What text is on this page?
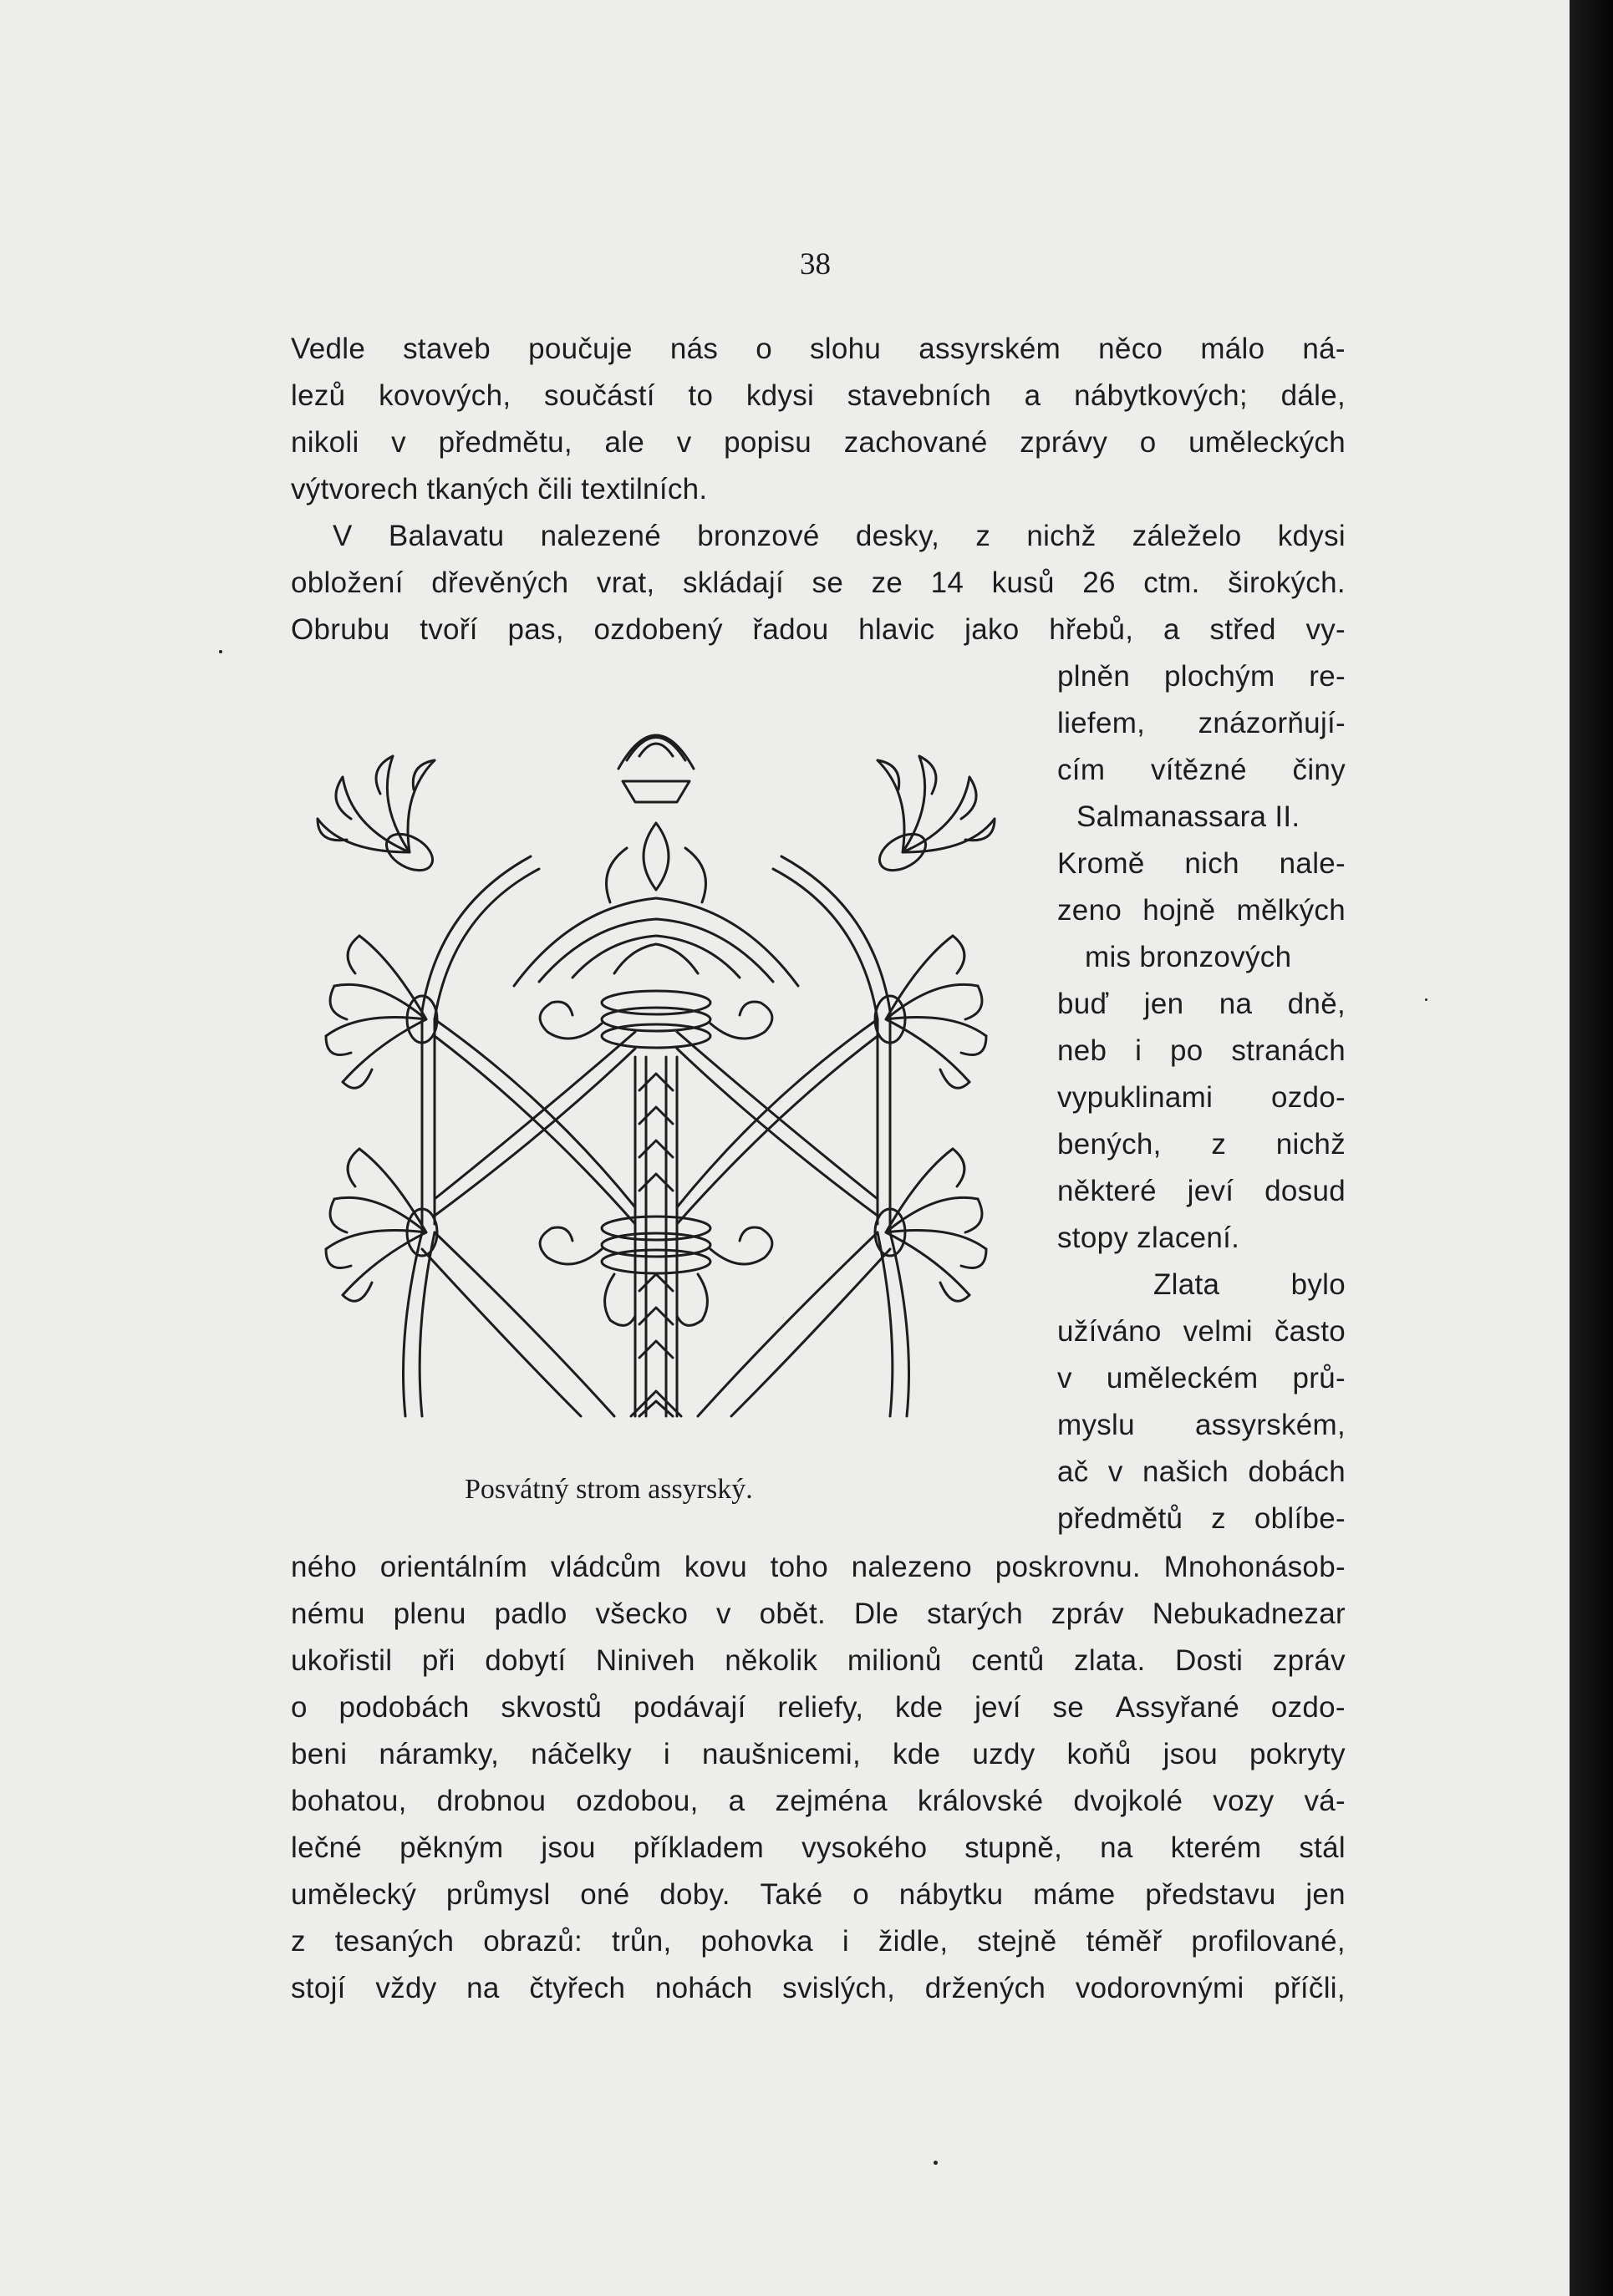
38
Vedle staveb poučuje nás o slohu assyrském něco málo ná-
lezů kovových, součástí to kdysi stavebních a nábytkových; dále,
nikoli v předmětu, ale v popisu zachované zprávy o uměleckých
výtvorech tkaných čili textilních.
V Balavatu nalezené bronzové desky, z nichž záleželo kdysi
obložení dřevěných vrat, skládají se ze 14 kusů 26 ctm. širokých.
Obrubu tvoří pas, ozdobený řadou hlavic jako hřebů, a střed vy-
plněn plochým re-
liefem, znázorňují-
cím vítězné činy
Salmanassara II.
Kromě nich nale-
zeno hojně mělkých
mis bronzových
buď jen na dně,
neb i po stranách
vypuklinami ozdo-
bených, z nichž
některé jeví dosud
stopy zlacení.
Zlata bylo
užíváno velmi často
v uměleckém prů-
myslu assyrském,
ač v našich dobách
předmětů z oblíbe-
ného orientálním vládcům kovu toho nalezeno poskrovnu. Mnohonásob-
nému plenu padlo všecko v obět. Dle starých zpráv Nebukadnezar
ukořistil při dobytí Niniveh několik milionů centů zlata. Dosti zpráv
o podobách skvostů podávají reliefy, kde jeví se Assyřané ozdo-
beni náramky, náčelky i naušnicemi, kde uzdy koňů jsou pokryty
bohatou, drobnou ozdobou, a zejména královské dvojkolé vozy vá-
lečné pěkným jsou příkladem vysokého stupně, na kterém stál
umělecký průmysl oné doby. Také o nábytku máme představu jen
z tesaných obrazů: trůn, pohovka i židle, stejně téměř profilované,
stojí vždy na čtyřech nohách svislých, držených vodorovnými příčli,
Posvátný strom assyrský.
